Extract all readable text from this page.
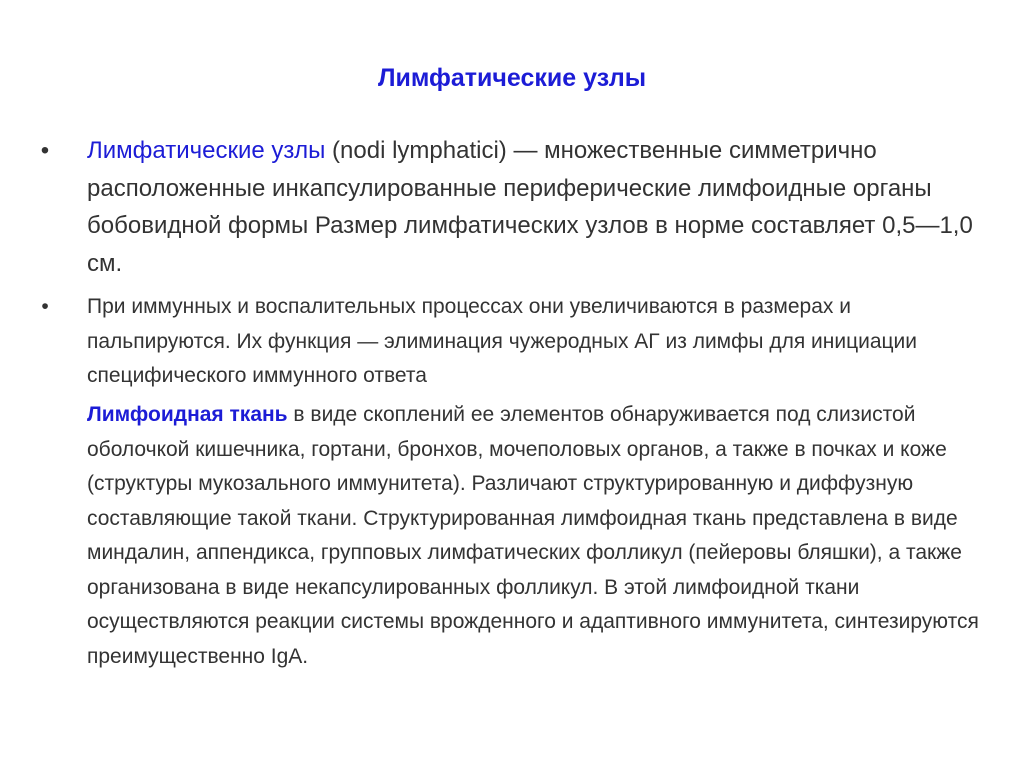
Лимфатические узлы
• Лимфатические узлы (nodi lymphatici) — множественные симметрично расположенные инкапсулированные периферические лимфоидные органы бобовидной формы Размер лимфатических узлов в норме составляет 0,5—1,0 см.
•	При иммунных и воспалительных процессах они увеличиваются в размерах и пальпируются. Их функция — элиминация чужеродных АГ из лимфы для инициации специфического иммунного ответа
Лимфоидная ткань в виде скоплений ее элементов обнаруживается под слизистой оболочкой кишечника, гортани, бронхов, мочеполовых органов, а также в почках и коже (структуры мукозального иммунитета). Различают структурированную и диффузную составляющие такой ткани. Структурированная лимфоидная ткань представлена в виде миндалин, аппендикса, групповых лимфатических фолликул (пейеровы бляшки), а также организована в виде некапсулированных фолликул. В этой лимфоидной ткани осуществляются реакции системы врожденного и адаптивного иммунитета, синтезируются преимущественно IgA.
